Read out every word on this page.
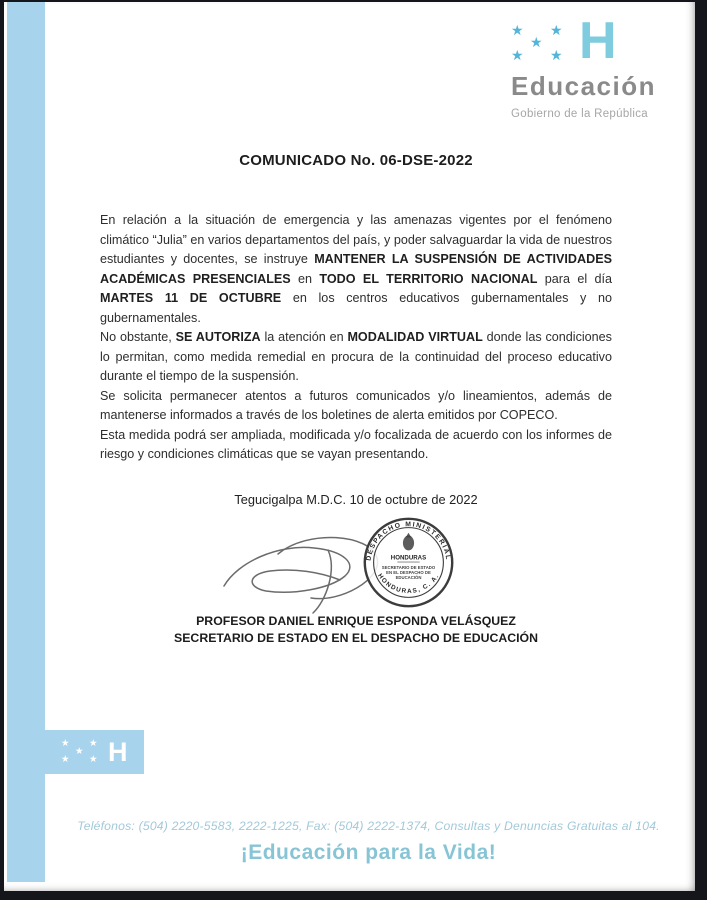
★ ★
★
★ ★ H
Educación
Gobierno de la República
COMUNICADO No. 06-DSE-2022

En relación a la situación de emergencia y las amenazas vigentes por el fenómeno climático “Julia” en varios departamentos del país, y poder salvaguardar la vida de nuestros estudiantes y docentes, se instruye MANTENER LA SUSPENSIÓN DE ACTIVIDADES ACADÉMICAS PRESENCIALES en TODO EL TERRITORIO NACIONAL para el día MARTES 11 DE OCTUBRE en los centros educativos gubernamentales y no gubernamentales.

No obstante, SE AUTORIZA la atención en MODALIDAD VIRTUAL donde las condiciones lo permitan, como medida remedial en procura de la continuidad del proceso educativo durante el tiempo de la suspensión.

Se solicita permanecer atentos a futuros comunicados y/o lineamientos, además de mantenerse informados a través de los boletines de alerta emitidos por COPECO.

Esta medida podrá ser ampliada, modificada y/o focalizada de acuerdo con los informes de riesgo y condiciones climáticas que se vayan presentando.

Tegucigalpa M.D.C. 10 de octubre de 2022
DESPACHO MINISTERIAL
HONDURAS, C. A.
HONDURAS
SECRETARIO DE ESTADO
EN EL DESPACHO DE
EDUCACIÓN
PROFESOR DANIEL ENRIQUE ESPONDA VELÁSQUEZ
SECRETARIO DE ESTADO EN EL DESPACHO DE EDUCACIÓN
★ ★
★
★ ★ H
Teléfonos: (504) 2220-5583, 2222-1225, Fax: (504) 2222-1374, Consultas y Denuncias Gratuitas al 104.
¡Educación para la Vida!
